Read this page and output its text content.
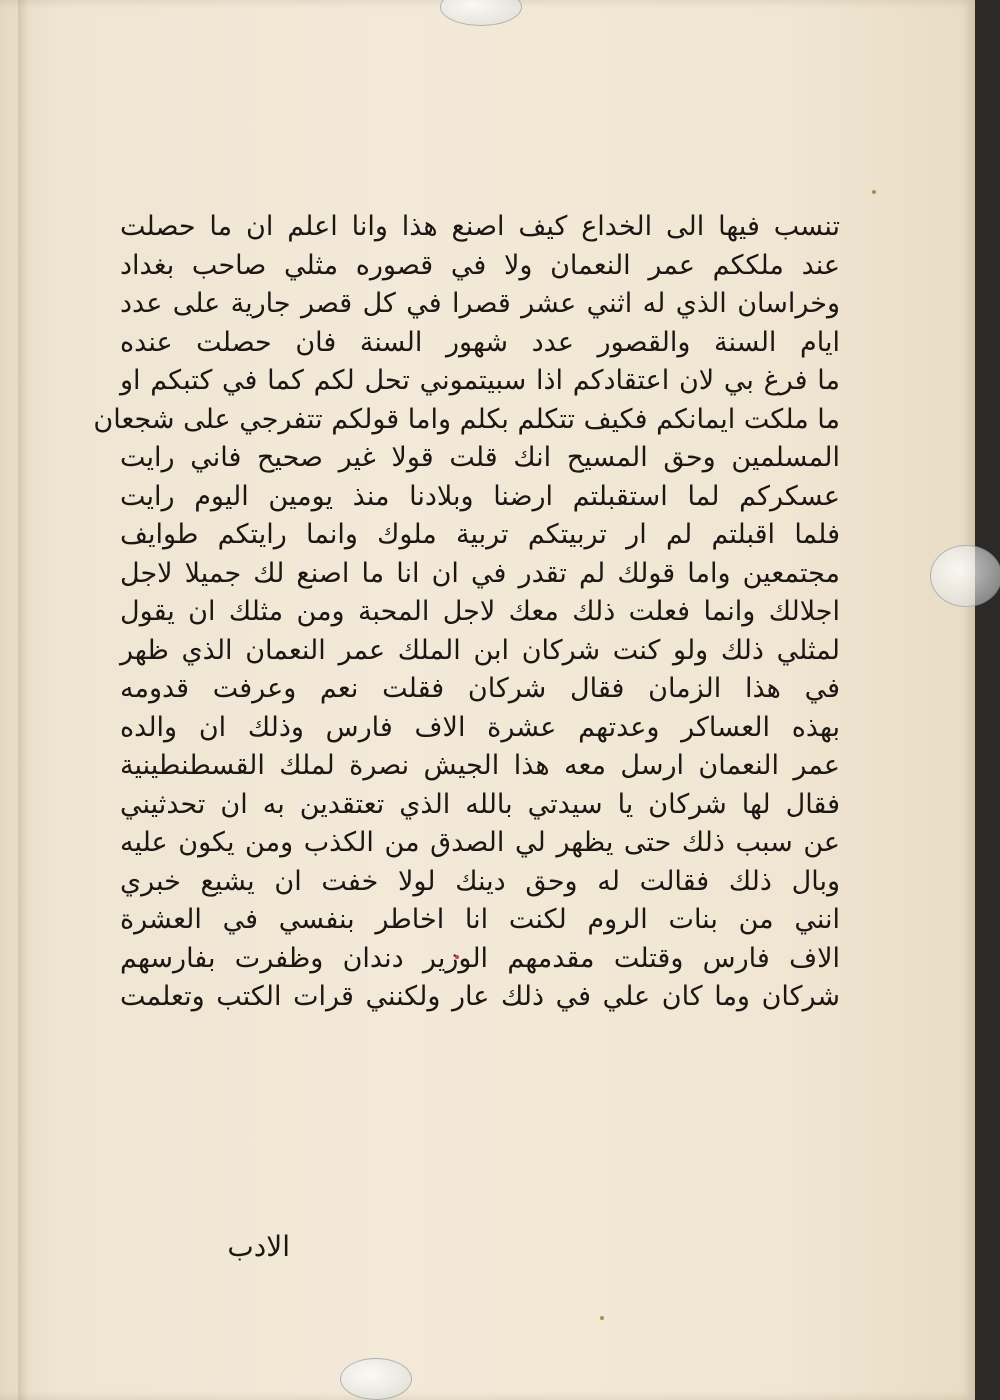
تنسب فيها الى الخداع كيف اصنع هذا وانا اعلم ان ما حصلت
عند ملككم عمر النعمان ولا في قصوره مثلي صاحب بغداد
وخراسان الذي له اثني عشر قصرا في كل قصر جارية على عدد
ايام السنة والقصور عدد شهور السنة فان حصلت عنده
ما فرغ بي لان اعتقادكم اذا سبيتموني تحل لكم كما في كتبكم او
ما ملكت ايمانكم فكيف تتكلم بكلم واما قولكم تتفرجي على شجعان
المسلمين وحق المسيح انك قلت قولا غير صحيح فاني رايت
عسكركم لما استقبلتم ارضنا وبلادنا منذ يومين اليوم رايت
فلما اقبلتم لم ار تربيتكم تربية ملوك وانما رايتكم طوايف
مجتمعين واما قولك لم تقدر في ان انا ما اصنع لك جميلا لاجل
اجلالك وانما فعلت ذلك معك لاجل المحبة ومن مثلك ان يقول
لمثلي ذلك ولو كنت شركان ابن الملك عمر النعمان الذي ظهر
في هذا الزمان فقال شركان فقلت نعم وعرفت قدومه
بهذه العساكر وعدتهم عشرة الاف فارس وذلك ان والده
عمر النعمان ارسل معه هذا الجيش نصرة لملك القسطنطينية
فقال لها شركان يا سيدتي بالله الذي تعتقدين به ان تحدثيني
عن سبب ذلك حتى يظهر لي الصدق من الكذب ومن يكون عليه
وبال ذلك فقالت له وحق دينك لولا خفت ان يشيع خبري
انني من بنات الروم لكنت انا اخاطر بنفسي في العشرة
الاف فارس وقتلت مقدمهم الوزير دندان وظفرت بفارسهم
شركان وما كان علي في ذلك عار ولكنني قرات الكتب وتعلمت
الادب
